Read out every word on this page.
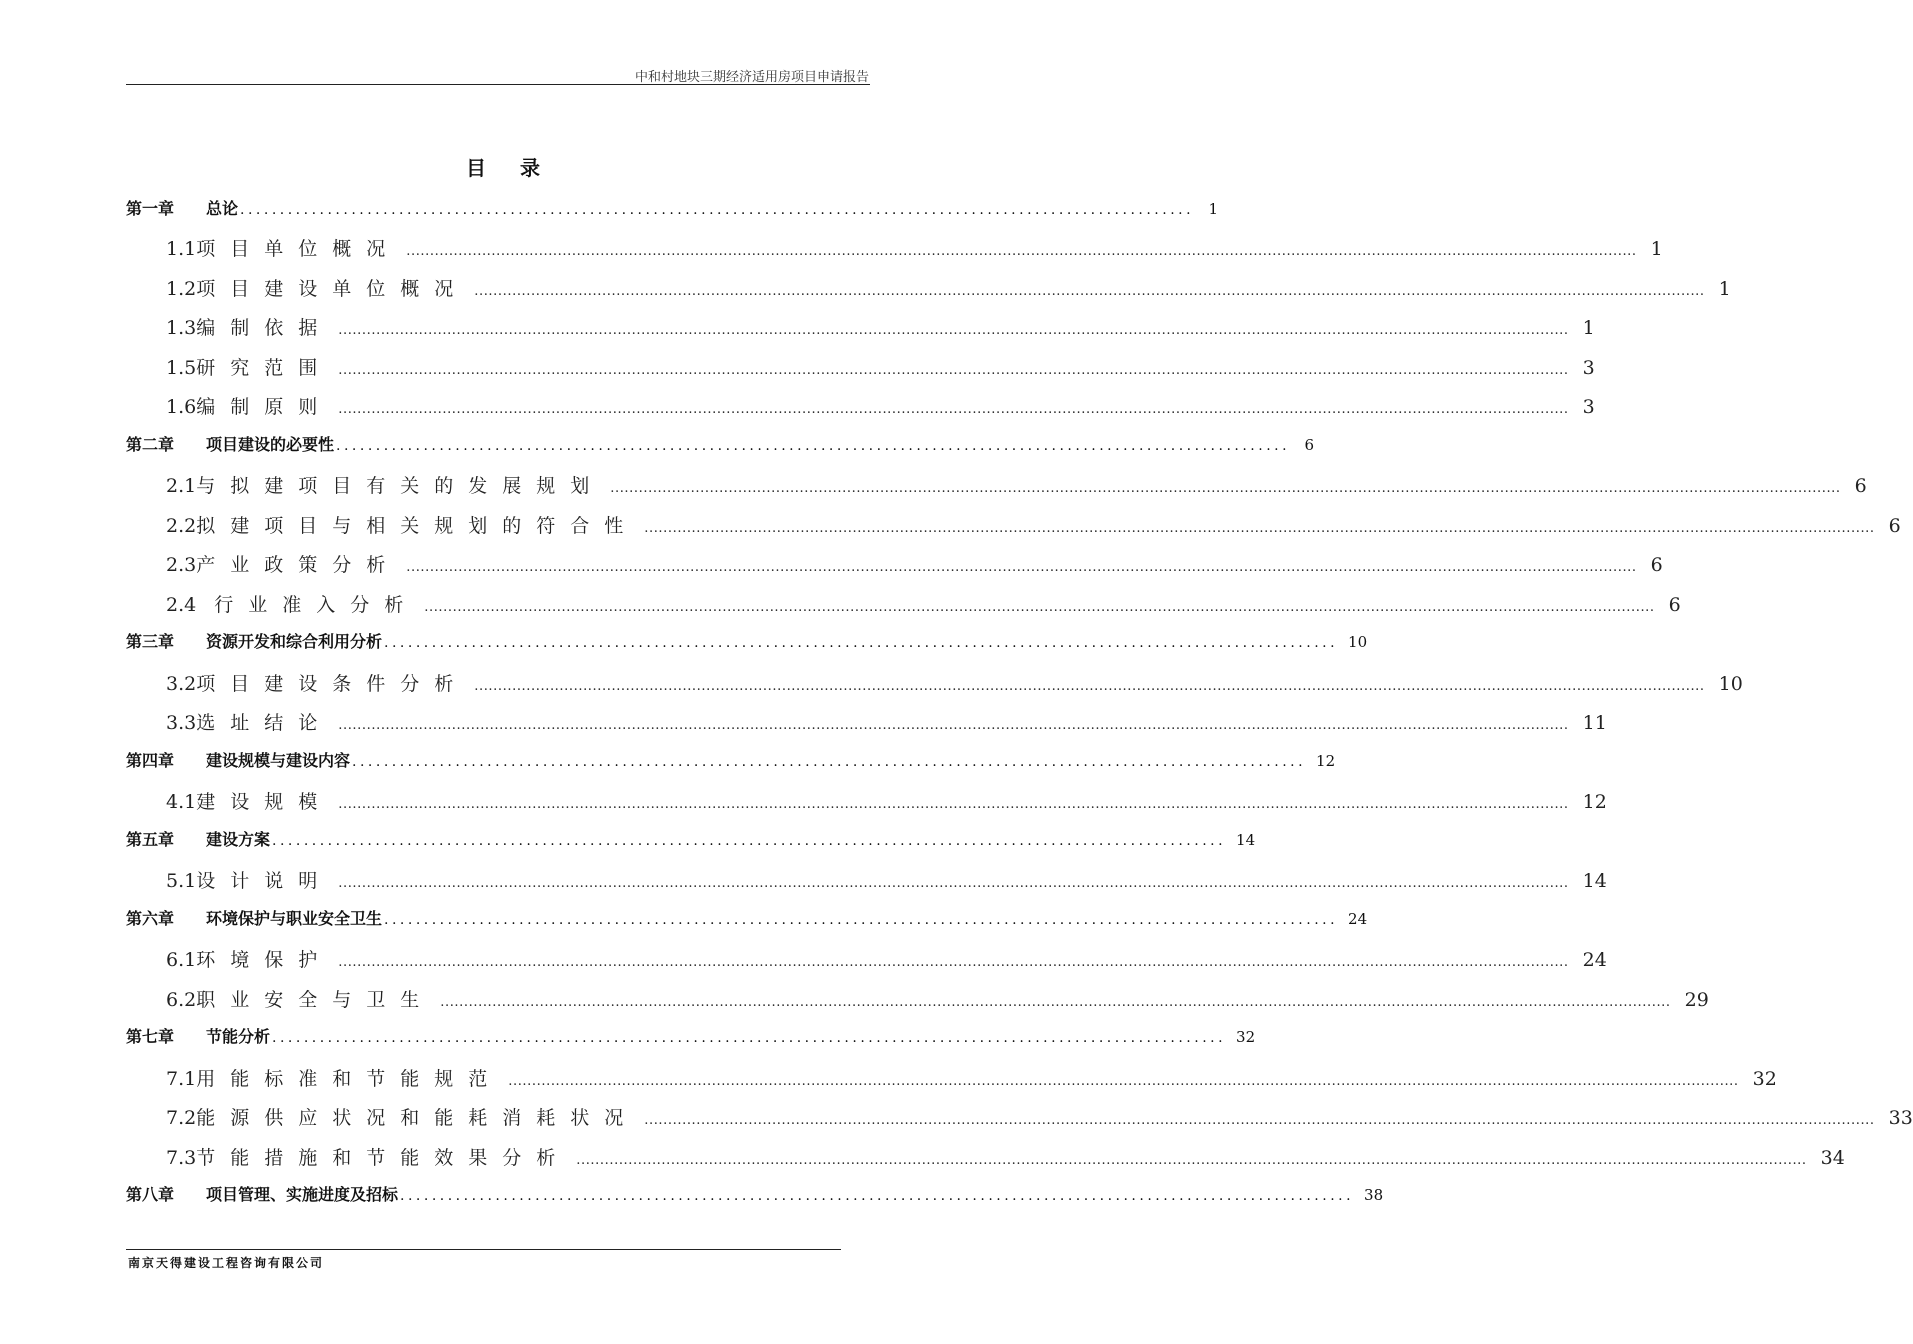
中和村地块三期经济适用房项目申请报告
目录
第一章	总论 ........................................................................................................................ 1
1.1 项目单位概况 .................................................................................................................................................................................................................................................................... 1
1.2 项目建设单位概况 .................................................................................................................................................................................................................................................................... 1
1.3 编制依据 .................................................................................................................................................................................................................................................................... 1
1.5 研究范围 .................................................................................................................................................................................................................................................................... 3
1.6 编制原则 .................................................................................................................................................................................................................................................................... 3
第二章	项目建设的必要性 ........................................................................................................................ 6
2.1 与拟建项目有关的发展规划 .................................................................................................................................................................................................................................................................... 6
2.2 拟建项目与相关规划的符合性 .................................................................................................................................................................................................................................................................... 6
2.3 产业政策分析 .................................................................................................................................................................................................................................................................... 6
2.4 行业准入分析 .................................................................................................................................................................................................................................................................... 6
第三章	资源开发和综合利用分析 ........................................................................................................................ 10
3.2 项目建设条件分析 .................................................................................................................................................................................................................................................................... 10
3.3 选址结论 .................................................................................................................................................................................................................................................................... 11
第四章	建设规模与建设内容 ........................................................................................................................ 12
4.1 建设规模 .................................................................................................................................................................................................................................................................... 12
第五章	建设方案 ........................................................................................................................ 14
5.1 设计说明 .................................................................................................................................................................................................................................................................... 14
第六章	环境保护与职业安全卫生 ........................................................................................................................ 24
6.1 环境保护 .................................................................................................................................................................................................................................................................... 24
6.2 职业安全与卫生 .................................................................................................................................................................................................................................................................... 29
第七章	节能分析 ........................................................................................................................ 32
7.1 用能标准和节能规范 .................................................................................................................................................................................................................................................................... 32
7.2 能源供应状况和能耗消耗状况 .................................................................................................................................................................................................................................................................... 33
7.3 节能措施和节能效果分析 .................................................................................................................................................................................................................................................................... 34
第八章	项目管理、实施进度及招标 ........................................................................................................................ 38
南京天得建设工程咨询有限公司
